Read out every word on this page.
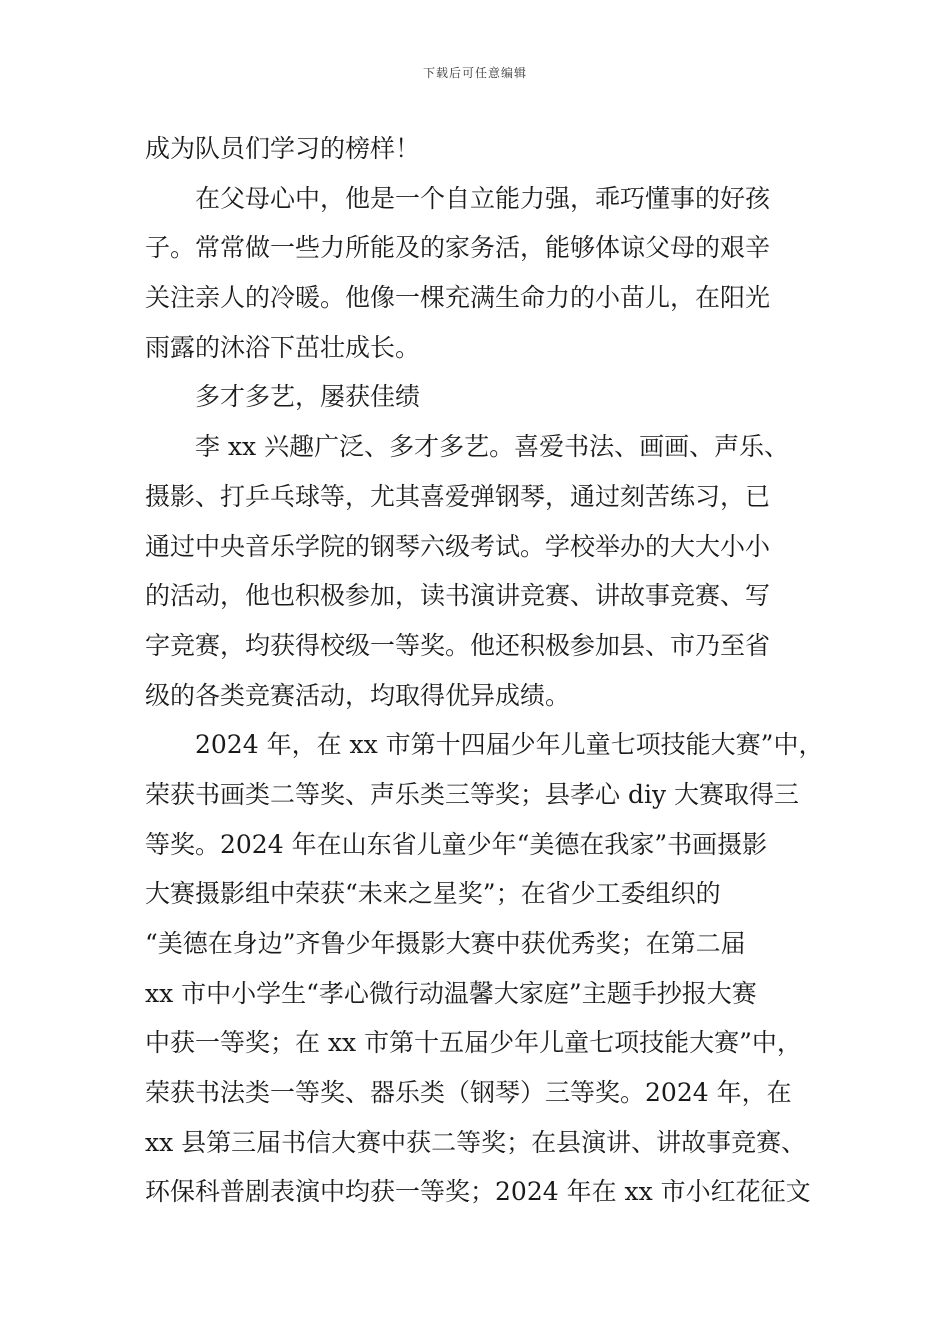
下载后可任意编辑
成为队员们学习的榜样！
在父母心中，他是一个自立能力强，乖巧懂事的好孩
子。常常做一些力所能及的家务活，能够体谅父母的艰辛
关注亲人的冷暖。他像一棵充满生命力的小苗儿，在阳光
雨露的沐浴下茁壮成长。
多才多艺，屡获佳绩
李 xx 兴趣广泛、多才多艺。喜爱书法、画画、声乐、
摄影、打乒乓球等，尤其喜爱弹钢琴，通过刻苦练习，已
通过中央音乐学院的钢琴六级考试。学校举办的大大小小
的活动，他也积极参加，读书演讲竞赛、讲故事竞赛、写
字竞赛，均获得校级一等奖。他还积极参加县、市乃至省
级的各类竞赛活动，均取得优异成绩。
2024 年，在 xx 市第十四届少年儿童七项技能大赛”中，
荣获书画类二等奖、声乐类三等奖；县孝心 diy 大赛取得三
等奖。2024 年在山东省儿童少年“美德在我家”书画摄影
大赛摄影组中荣获“未来之星奖”；在省少工委组织的
“美德在身边”齐鲁少年摄影大赛中获优秀奖；在第二届
xx 市中小学生“孝心微行动温馨大家庭”主题手抄报大赛
中获一等奖；在 xx 市第十五届少年儿童七项技能大赛”中，
荣获书法类一等奖、器乐类（钢琴）三等奖。2024 年，在
xx 县第三届书信大赛中获二等奖；在县演讲、讲故事竞赛、
环保科普剧表演中均获一等奖；2024 年在 xx 市小红花征文
